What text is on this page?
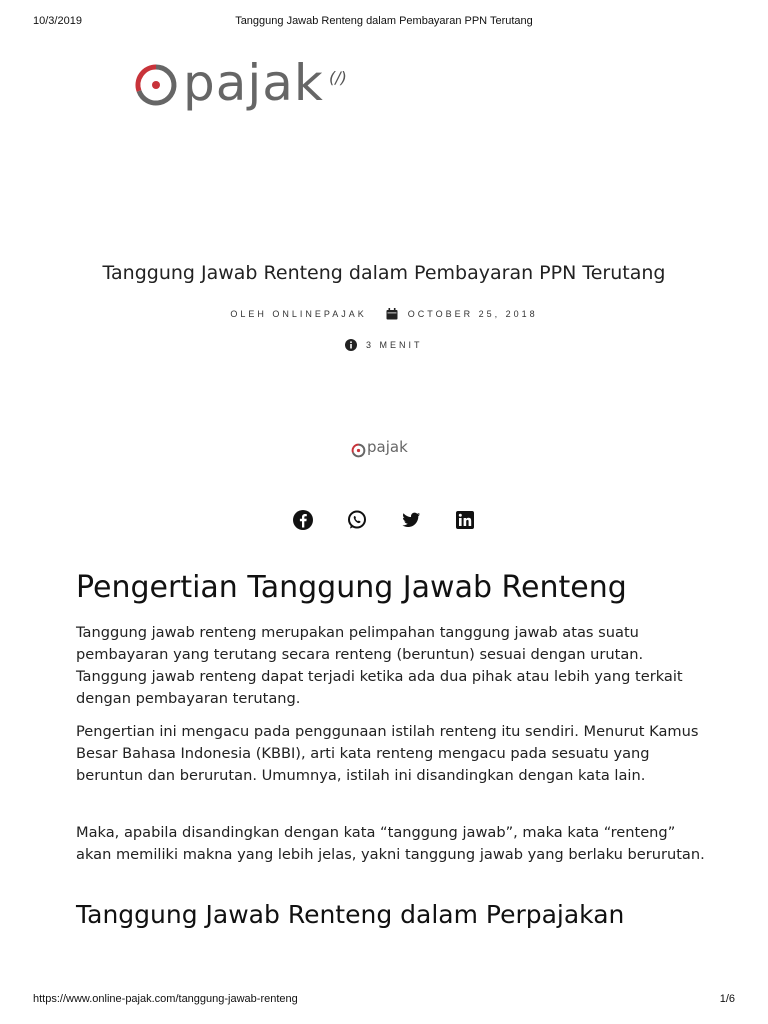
10/3/2019	Tanggung Jawab Renteng dalam Pembayaran PPN Terutang
pajak (/)
Tanggung Jawab Renteng dalam Pembayaran PPN Terutang
OLEH ONLINEPAJAK	OCTOBER 25, 2018
3 MENIT
pajak
Pengertian Tanggung Jawab Renteng

Tanggung jawab renteng merupakan pelimpahan tanggung jawab atas suatu pembayaran yang terutang secara renteng (beruntun) sesuai dengan urutan. Tanggung jawab renteng dapat terjadi ketika ada dua pihak atau lebih yang terkait dengan pembayaran terutang.

Pengertian ini mengacu pada penggunaan istilah renteng itu sendiri. Menurut Kamus Besar Bahasa Indonesia (KBBI), arti kata renteng mengacu pada sesuatu yang beruntun dan berurutan. Umumnya, istilah ini disandingkan dengan kata lain.

Maka, apabila disandingkan dengan kata “tanggung jawab”, maka kata “renteng” akan memiliki makna yang lebih jelas, yakni tanggung jawab yang berlaku berurutan.

Tanggung Jawab Renteng dalam Perpajakan
https://www.online-pajak.com/tanggung-jawab-renteng	1/6
